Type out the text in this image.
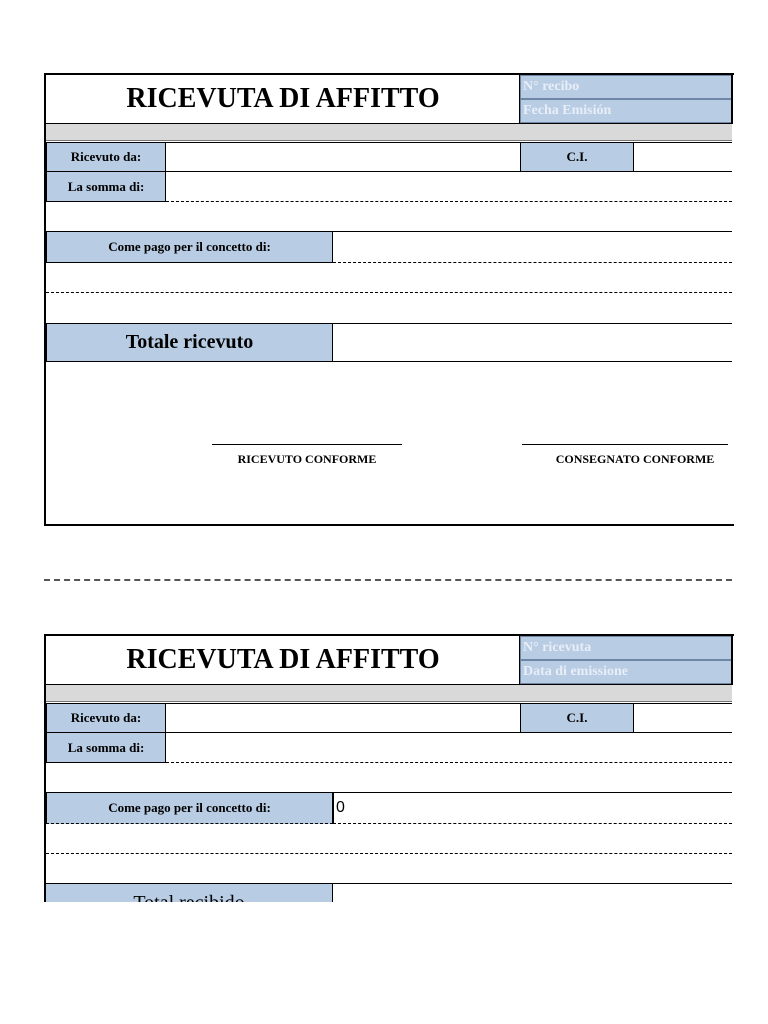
RICEVUTA DI AFFITTO	N° recibo
Fecha Emisión
Ricevuto da:	C.I.
La somma di:
Come pago per il concetto di:
Totale ricevuto
RICEVUTO CONFORME	CONSEGNATO CONFORME
RICEVUTA DI AFFITTO	N° ricevuta
Data di emissione
Ricevuto da:	C.I.
La somma di:
Come pago per il concetto di:	0
